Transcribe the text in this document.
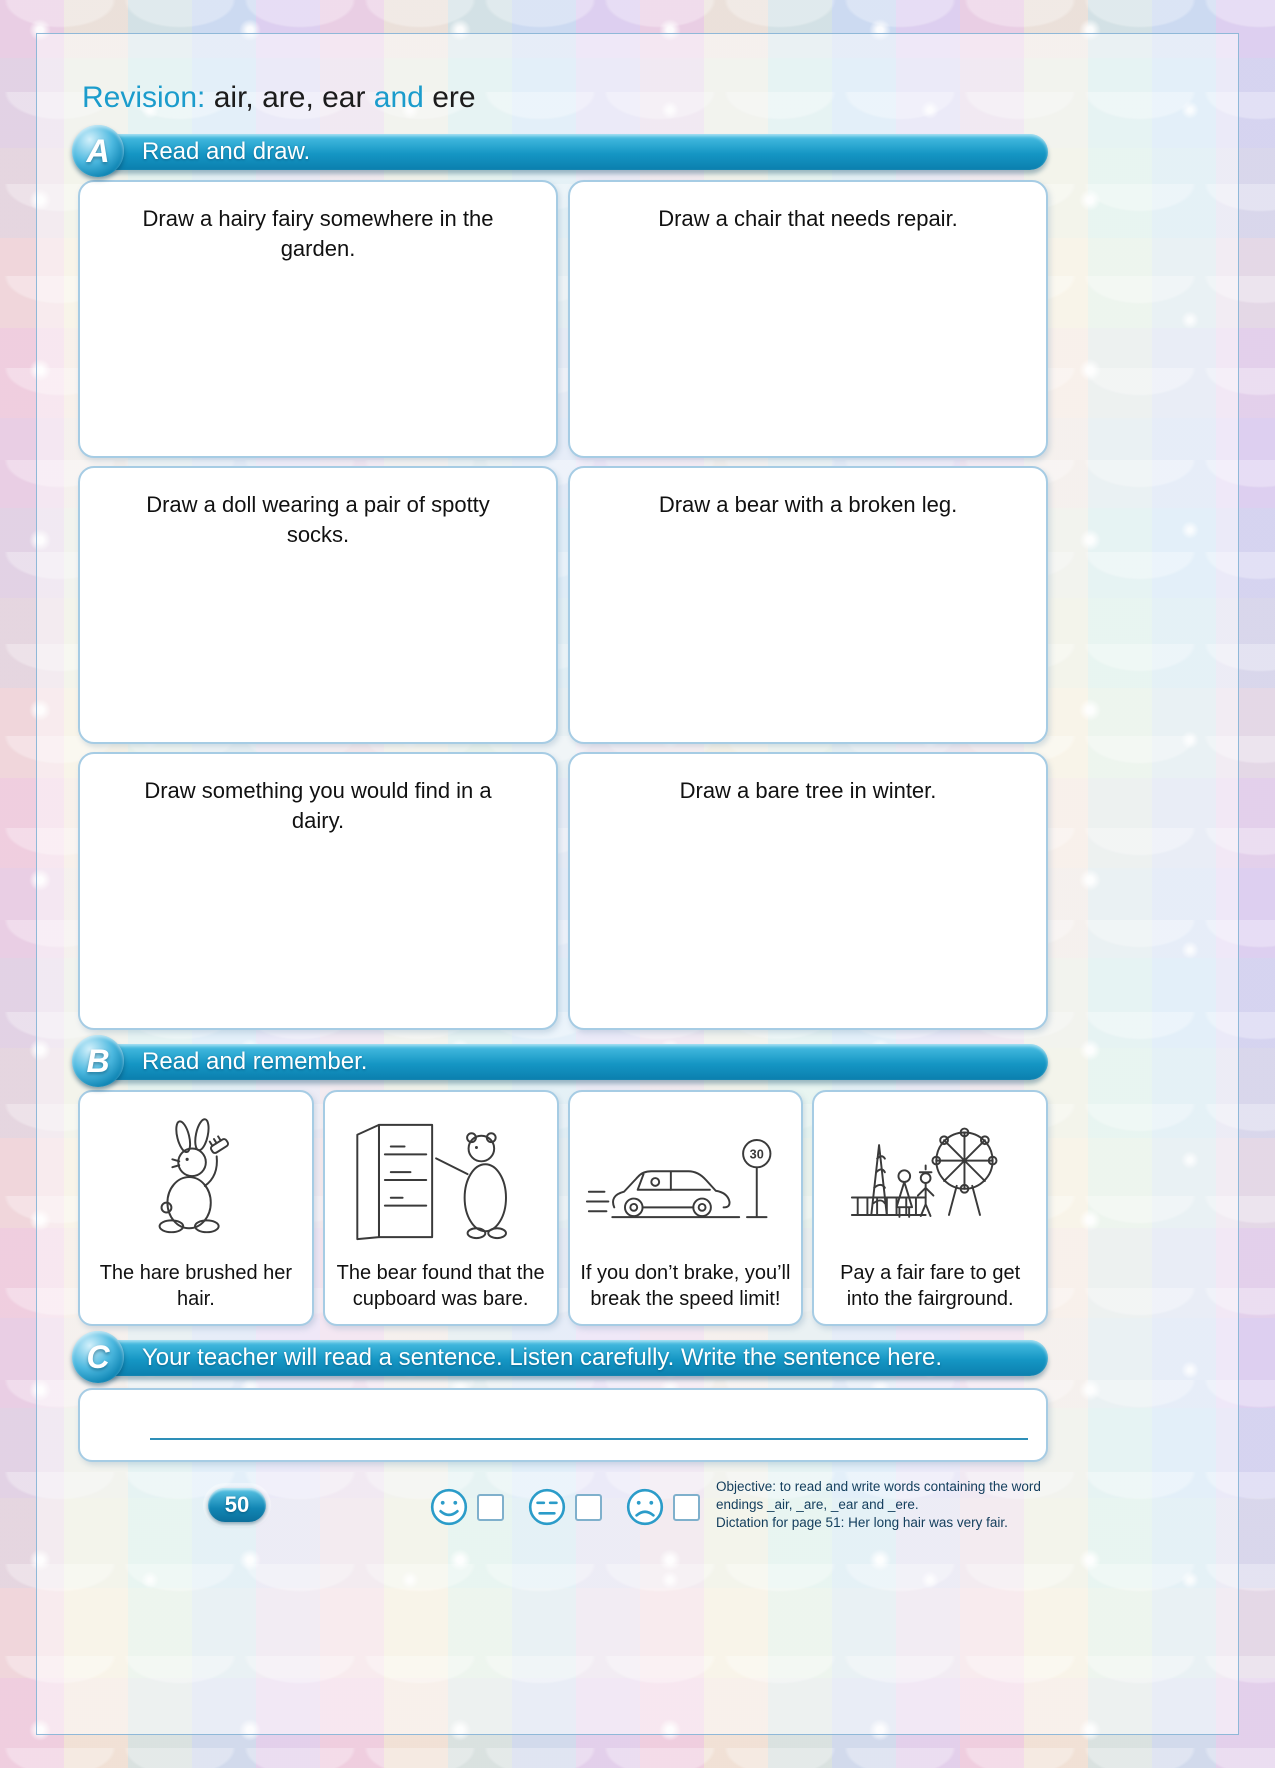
Revision: air, are, ear and ere
A	Read and draw.

Draw a hairy fairy somewhere in the garden.

Draw a chair that needs repair.

Draw a doll wearing a pair of spotty socks.

Draw a bear with a broken leg.

Draw something you would find in a dairy.

Draw a bare tree in winter.

B	Read and remember.
The hare brushed her hair.
The bear found that the cupboard was bare.
30
If you don’t brake, you’ll break the speed limit!
Pay a fair fare to get into the fairground.
C	Your teacher will read a sentence. Listen carefully. Write the sentence here.
50

Objective: to read and write words containing the word endings _air, _are, _ear and _ere.

Dictation for page 51: Her long hair was very fair.
